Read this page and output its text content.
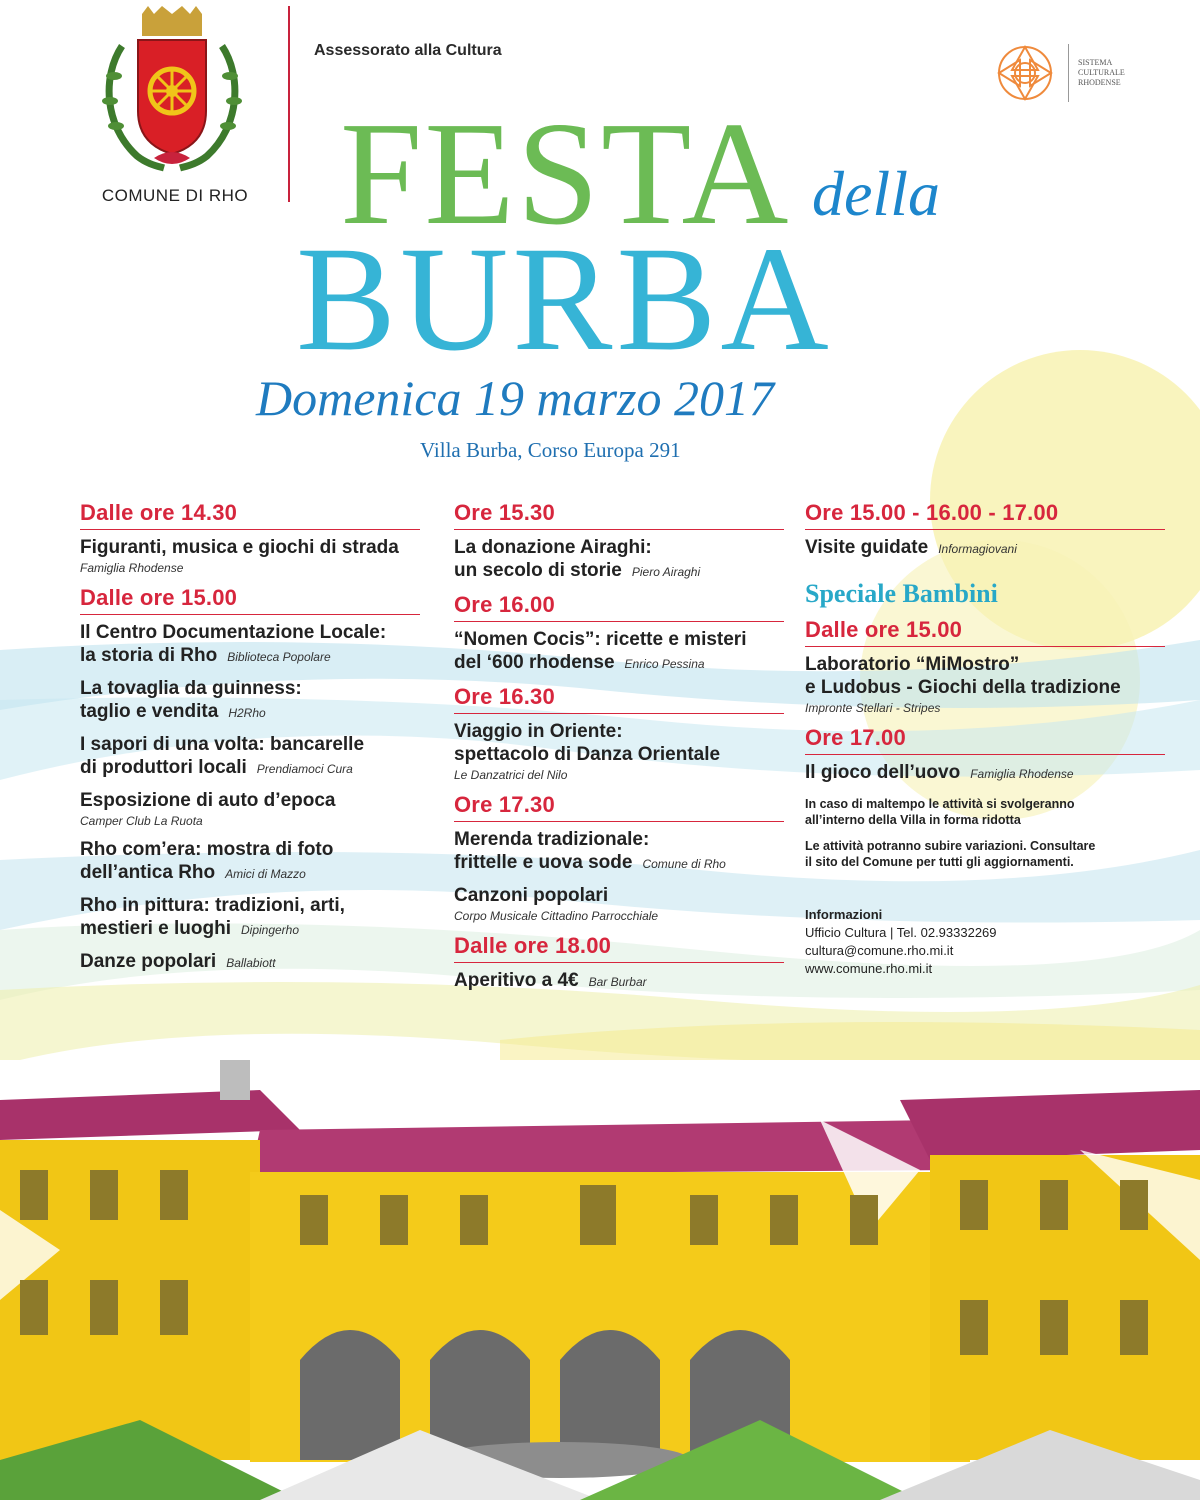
COMUNE DI RHO
Assessorato alla Cultura
SISTEMA
CULTURALE
RHODENSE
FESTA della
BURBA
Domenica 19 marzo 2017
Villa Burba, Corso Europa 291
Dalle ore 14.30
Figuranti, musica e giochi di strada
Famiglia Rhodense
Dalle ore 15.00
Il Centro Documentazione Locale:
la storia di Rho Biblioteca Popolare
La tovaglia da guinness:
taglio e vendita H2Rho
I sapori di una volta: bancarelle
di produttori locali Prendiamoci Cura
Esposizione di auto d’epoca
Camper Club La Ruota
Rho com’era: mostra di foto
dell’antica Rho Amici di Mazzo
Rho in pittura: tradizioni, arti,
mestieri e luoghi Dipingerho
Danze popolari Ballabiott
Ore 15.30
La donazione Airaghi:
un secolo di storie Piero Airaghi
Ore 16.00
“Nomen Cocis”: ricette e misteri
del ‘600 rhodense Enrico Pessina
Ore 16.30
Viaggio in Oriente:
spettacolo di Danza Orientale
Le Danzatrici del Nilo
Ore 17.30
Merenda tradizionale:
frittelle e uova sode Comune di Rho
Canzoni popolari
Corpo Musicale Cittadino Parrocchiale
Dalle ore 18.00
Aperitivo a 4€ Bar Burbar
Ore 15.00 - 16.00 - 17.00
Visite guidate Informagiovani
Speciale Bambini
Dalle ore 15.00
Laboratorio “MiMostro”
e Ludobus - Giochi della tradizione
Impronte Stellari - Stripes
Ore 17.00
Il gioco dell’uovo Famiglia Rhodense
In caso di maltempo le attività si svolgeranno
all’interno della Villa in forma ridotta
Le attività potranno subire variazioni. Consultare
il sito del Comune per tutti gli aggiornamenti.
Informazioni
Ufficio Cultura | Tel. 02.93332269
cultura@comune.rho.mi.it
www.comune.rho.mi.it
